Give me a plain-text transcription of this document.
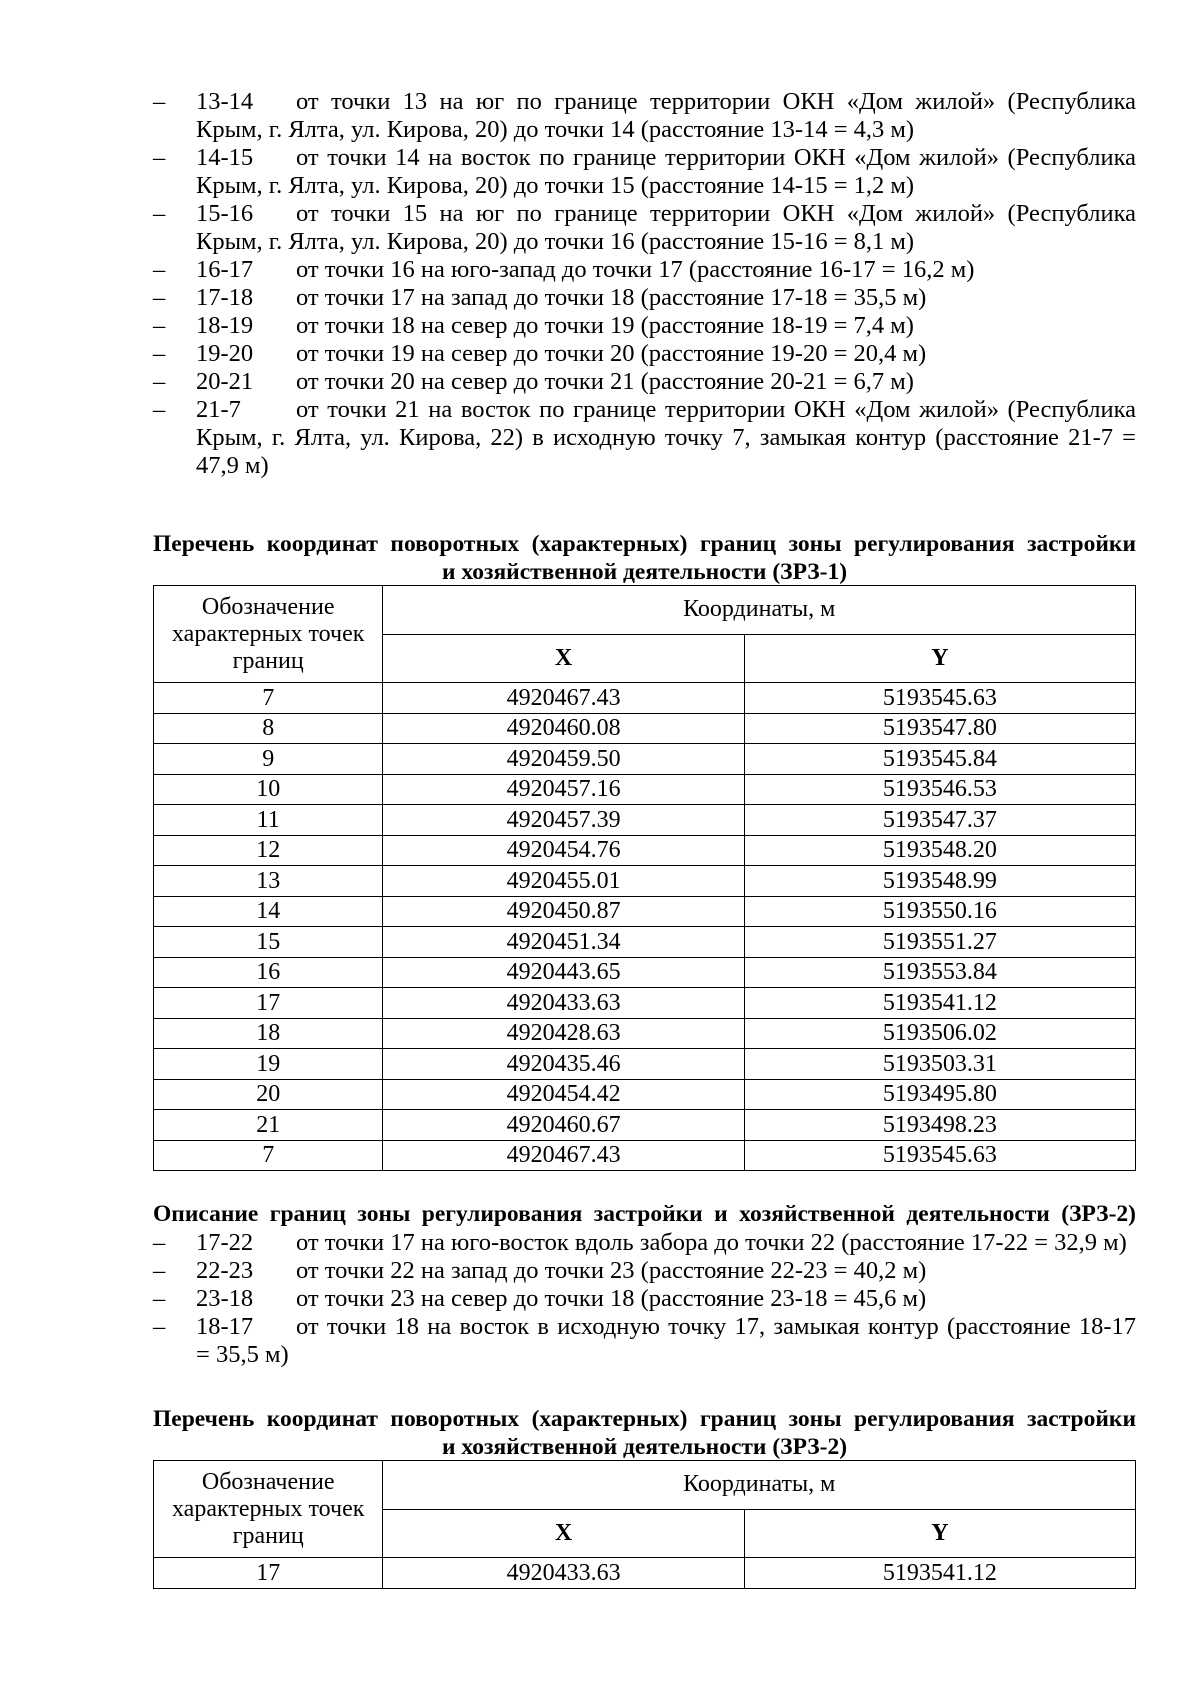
– 13-14 от точки 13 на юг по границе территории ОКН «Дом жилой» (Республика
Крым, г. Ялта, ул. Кирова, 20) до точки 14 (расстояние 13-14 = 4,3 м)
– 14-15 от точки 14 на восток по границе территории ОКН «Дом жилой» (Республика
Крым, г. Ялта, ул. Кирова, 20) до точки 15 (расстояние 14-15 = 1,2 м)
– 15-16 от точки 15 на юг по границе территории ОКН «Дом жилой» (Республика
Крым, г. Ялта, ул. Кирова, 20) до точки 16 (расстояние 15-16 = 8,1 м)
– 16-17 от точки 16 на юго-запад до точки 17 (расстояние 16-17 = 16,2 м)
– 17-18 от точки 17 на запад до точки 18 (расстояние 17-18 = 35,5 м)
– 18-19 от точки 18 на север до точки 19 (расстояние 18-19 = 7,4 м)
– 19-20 от точки 19 на север до точки 20 (расстояние 19-20 = 20,4 м)
– 20-21 от точки 20 на север до точки 21 (расстояние 20-21 = 6,7 м)
– 21-7 от точки 21 на восток по границе территории ОКН «Дом жилой» (Республика
Крым, г. Ялта, ул. Кирова, 22) в исходную точку 7, замыкая контур (расстояние 21-7 =
47,9 м)
Перечень координат поворотных (характерных) границ зоны регулирования застройки
и хозяйственной деятельности (ЗРЗ-1)
Обозначение характерных точек границ	Координаты, м	
	X	Y
7	4920467.43	5193545.63
8	4920460.08	5193547.80
9	4920459.50	5193545.84
10	4920457.16	5193546.53
11	4920457.39	5193547.37
12	4920454.76	5193548.20
13	4920455.01	5193548.99
14	4920450.87	5193550.16
15	4920451.34	5193551.27
16	4920443.65	5193553.84
17	4920433.63	5193541.12
18	4920428.63	5193506.02
19	4920435.46	5193503.31
20	4920454.42	5193495.80
21	4920460.67	5193498.23
7	4920467.43	5193545.63
Описание границ зоны регулирования застройки и хозяйственной деятельности (ЗРЗ-2)
– 17-22 от точки 17 на юго-восток вдоль забора до точки 22 (расстояние 17-22 = 32,9 м)
– 22-23 от точки 22 на запад до точки 23 (расстояние 22-23 = 40,2 м)
– 23-18 от точки 23 на север до точки 18 (расстояние 23-18 = 45,6 м)
– 18-17 от точки 18 на восток в исходную точку 17, замыкая контур (расстояние 18-17
= 35,5 м)
Перечень координат поворотных (характерных) границ зоны регулирования застройки
и хозяйственной деятельности (ЗРЗ-2)
Обозначение характерных точек границ	Координаты, м	
	X	Y
17	4920433.63	5193541.12
